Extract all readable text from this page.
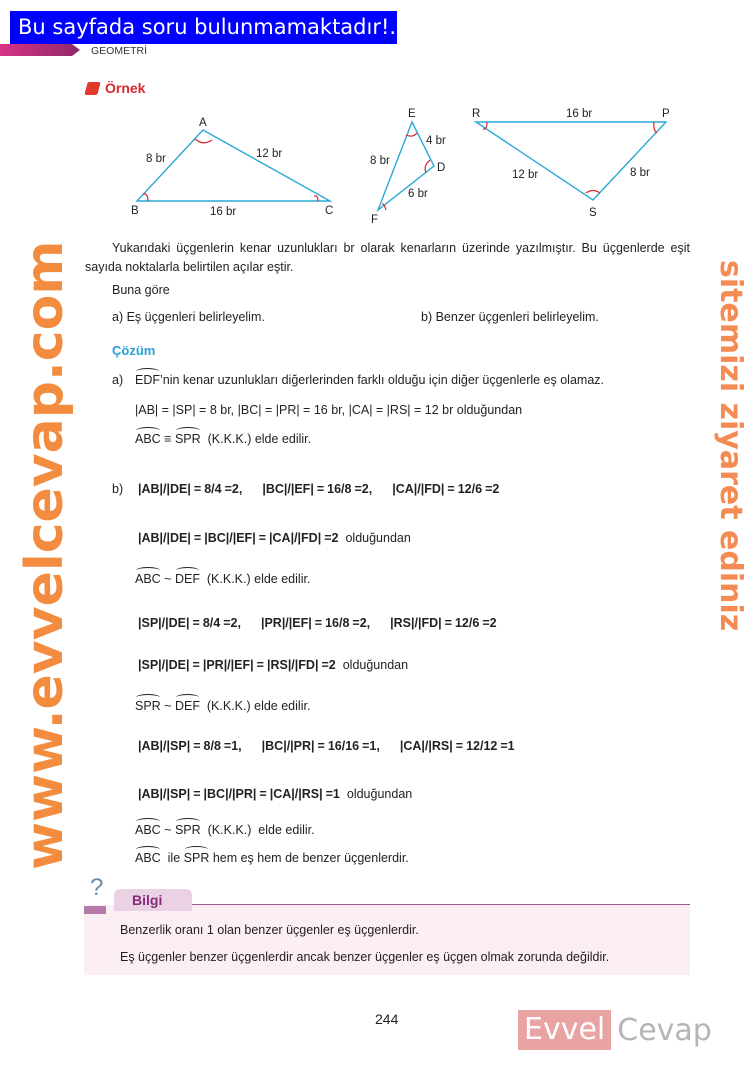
Bu sayfada soru bulunmamaktadır!..
GEOMETRİ
Örnek
A
B	C
8 br	12 br
16 br
E
D
F
4 br
8 br
6 br
R	P
S
16 br
12 br	8 br
Yukarıdaki üçgenlerin kenar uzunlukları br olarak kenarların üzerinde yazılmıştır. Bu üçgenlerde eşit sayıda noktalarla belirtilen açılar eştir.
Buna göre
a) Eş üçgenleri belirleyelim.	b) Benzer üçgenleri belirleyelim.
Çözüm
a) EDF’nin kenar uzunlukları diğerlerinden farklı olduğu için diğer üçgenlerle eş olamaz.
|AB| = |SP| = 8 br, |BC| = |PR| = 16 br, |CA| = |RS| = 12 br olduğundan
ABC ≡ SPR  (K.K.K.) elde edilir.
b) |AB|/|DE| = 8/4 =2,
|BC|/|EF| = 16/8 =2,
|CA|/|FD| = 12/6 =2
|AB|/|DE| = |BC|/|EF| = |CA|/|FD| =2 olduğundan
ABC ~ DEF  (K.K.K.) elde edilir.
|SP|/|DE| = 8/4 =2,
|PR|/|EF| = 16/8 =2,
|RS|/|FD| = 12/6 =2
|SP|/|DE| = |PR|/|EF| = |RS|/|FD| =2 olduğundan
SPR ~ DEF  (K.K.K.) elde edilir.
|AB|/|SP| = 8/8 =1,
|BC|/|PR| = 16/16 =1,
|CA|/|RS| = 12/12 =1
|AB|/|SP| = |BC|/|PR| = |CA|/|RS| =1 olduğundan
ABC ~ SPR  (K.K.K.)  elde edilir.
ABC  ile SPR hem eş hem de benzer üçgenlerdir.
? Bilgi
Benzerlik oranı 1 olan benzer üçgenler eş üçgenlerdir.
Eş üçgenler benzer üçgenlerdir ancak benzer üçgenler eş üçgen olmak zorunda değildir.
244
www.evvelcevap.com	sitemizi ziyaret ediniz
Evvel Cevap
